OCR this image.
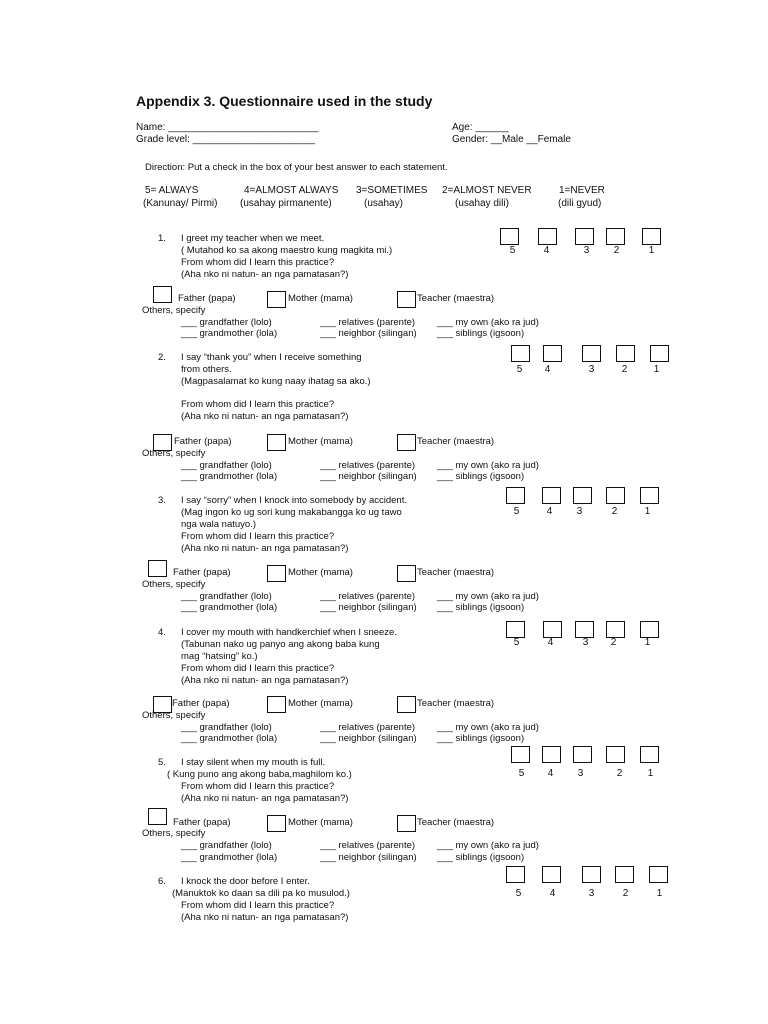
Appendix 3. Questionnaire used in the study
Name: ___________________________
Grade level: ______________________
Age: ______
Gender: __Male __Female
Direction: Put a check in the box of your best answer to each statement.
5= ALWAYS
(Kanunay/ Pirmi)
4=ALMOST ALWAYS
(usahay pirmanente)
3=SOMETIMES
(usahay)
2=ALMOST NEVER
(usahay dili)
1=NEVER
(dili gyud)
1. I greet my teacher when we meet.
( Mutahod ko sa akong maestro kung magkita mi.)
From whom did I learn this practice?
(Aha nko ni natun- an nga pamatasan?)
5	4	3	2	1
Father (papa)	Mother (mama)	Teacher (maestra)
Others, specify
___ grandfather (lolo)	___ relatives (parente) ___ my own (ako ra jud)
___ grandmother (lola)	___ neighbor (silingan) ___ siblings (igsoon)
2. I say “thank you” when I receive something
from others.
(Magpasalamat ko kung naay ihatag sa ako.)
From whom did I learn this practice?
(Aha nko ni natun- an nga pamatasan?)
5	4	3	2	1
Father (papa)	Mother (mama)	Teacher (maestra)
Others, specify
___ grandfather (lolo)	___ relatives (parente) ___ my own (ako ra jud)
___ grandmother (lola)	___ neighbor (silingan) ___ siblings (igsoon)
3. I say “sorry” when I knock into somebody by accident.
(Mag ingon ko ug sori kung makabangga ko ug tawo
nga wala natuyo.)
From whom did I learn this practice?
(Aha nko ni natun- an nga pamatasan?)
5	4	3	2	1
Father (papa)	Mother (mama)	Teacher (maestra)
Others, specify
___ grandfather (lolo)	___ relatives (parente) ___ my own (ako ra jud)
___ grandmother (lola)	___ neighbor (silingan) ___ siblings (igsoon)
4. I cover my mouth with handkerchief when I sneeze.
(Tabunan nako ug panyo ang akong baba kung
mag “hatsing” ko.)
From whom did I learn this practice?
(Aha nko ni natun- an nga pamatasan?)
5	4	3	2	1
Father (papa)	Mother (mama)	Teacher (maestra)
Others, specify
___ grandfather (lolo)	___ relatives (parente) ___ my own (ako ra jud)
___ grandmother (lola)	___ neighbor (silingan) ___ siblings (igsoon)
5. I stay silent when my mouth is full.
( Kung puno ang akong baba,maghilom ko.)
From whom did I learn this practice?
(Aha nko ni natun- an nga pamatasan?)
5	4	3	2	1
Father (papa)	Mother (mama)	Teacher (maestra)
Others, specify
___ grandfather (lolo)	___ relatives (parente) ___ my own (ako ra jud)
___ grandmother (lola)	___ neighbor (silingan) ___ siblings (igsoon)
6. I knock the door before I enter.
(Manuktok ko daan sa dili pa ko musulod.)
From whom did I learn this practice?
(Aha nko ni natun- an nga pamatasan?)
5	4	3	2	1
